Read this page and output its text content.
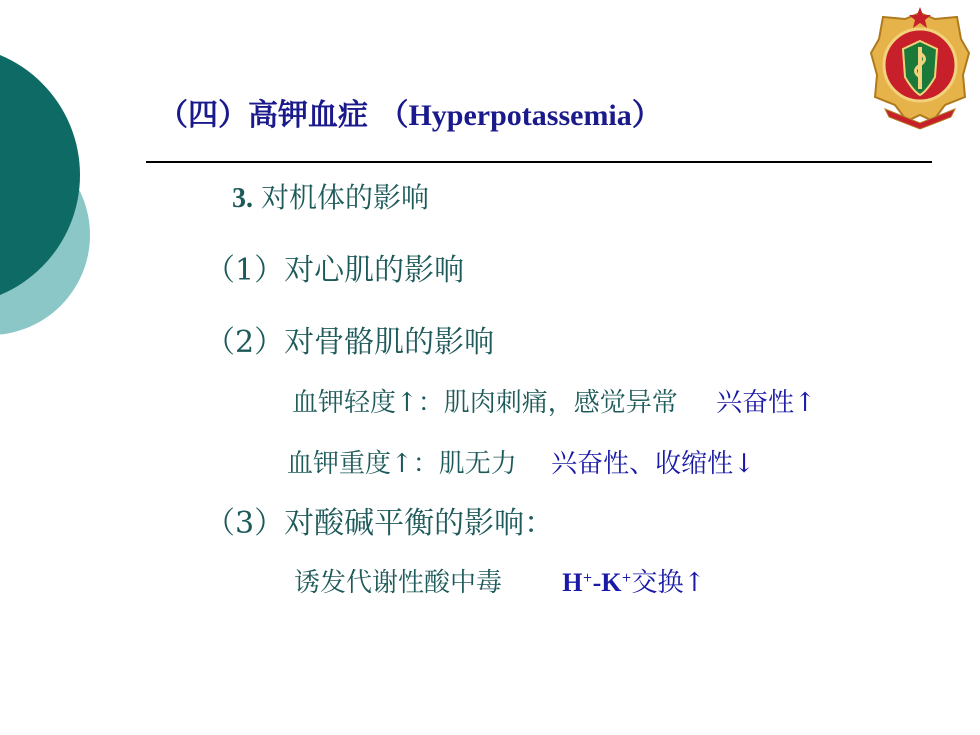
（四）高钾血症 （Hyperpotassemia）
3. 对机体的影响
（1）对心肌的影响
（2）对骨骼肌的影响
血钾轻度↑：肌肉刺痛，感觉异常 兴奋性↑
血钾重度↑：肌无力 兴奋性、收缩性↓
（3）对酸碱平衡的影响：
诱发代谢性酸中毒 H+-K+交换↑
